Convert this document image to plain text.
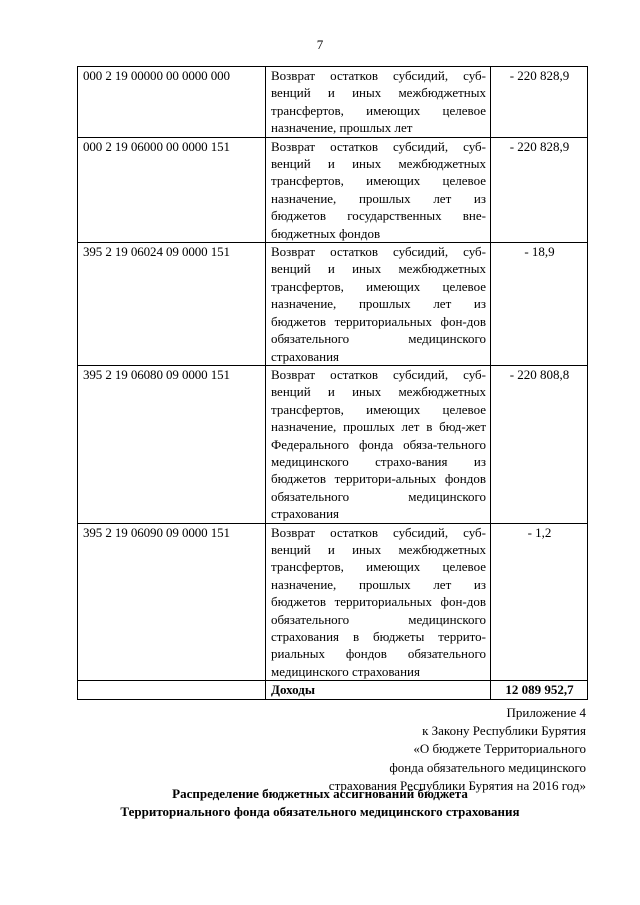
7
000 2 19 00000 00 0000 000	Возврат остатков субсидий, суб-венций и иных межбюджетных трансфертов, имеющих целевое назначение, прошлых лет	- 220 828,9
000 2 19 06000 00 0000 151	Возврат остатков субсидий, суб-венций и иных межбюджетных трансфертов, имеющих целевое назначение, прошлых лет из бюджетов государственных вне-бюджетных фондов	- 220 828,9
395 2 19 06024 09 0000 151	Возврат остатков субсидий, суб-венций и иных межбюджетных трансфертов, имеющих целевое назначение, прошлых лет из бюджетов территориальных фон-дов обязательного медицинского страхования	- 18,9
395 2 19 06080 09 0000 151	Возврат остатков субсидий, суб-венций и иных межбюджетных трансфертов, имеющих целевое назначение, прошлых лет в бюд-жет Федерального фонда обяза-тельного медицинского страхо-вания из бюджетов территори-альных фондов обязательного медицинского страхования	- 220 808,8
395 2 19 06090 09 0000 151	Возврат остатков субсидий, суб-венций и иных межбюджетных трансфертов, имеющих целевое назначение, прошлых лет из бюджетов территориальных фон-дов обязательного медицинского страхования в бюджеты террито-риальных фондов обязательного медицинского страхования	- 1,2
	Доходы	12 089 952,7
Приложение 4
к Закону Республики Бурятия
«О бюджете Территориального
фонда обязательного медицинского
страхования Республики Бурятия на 2016 год»
Распределение бюджетных ассигнований бюджета
Территориального фонда обязательного медицинского страхования
